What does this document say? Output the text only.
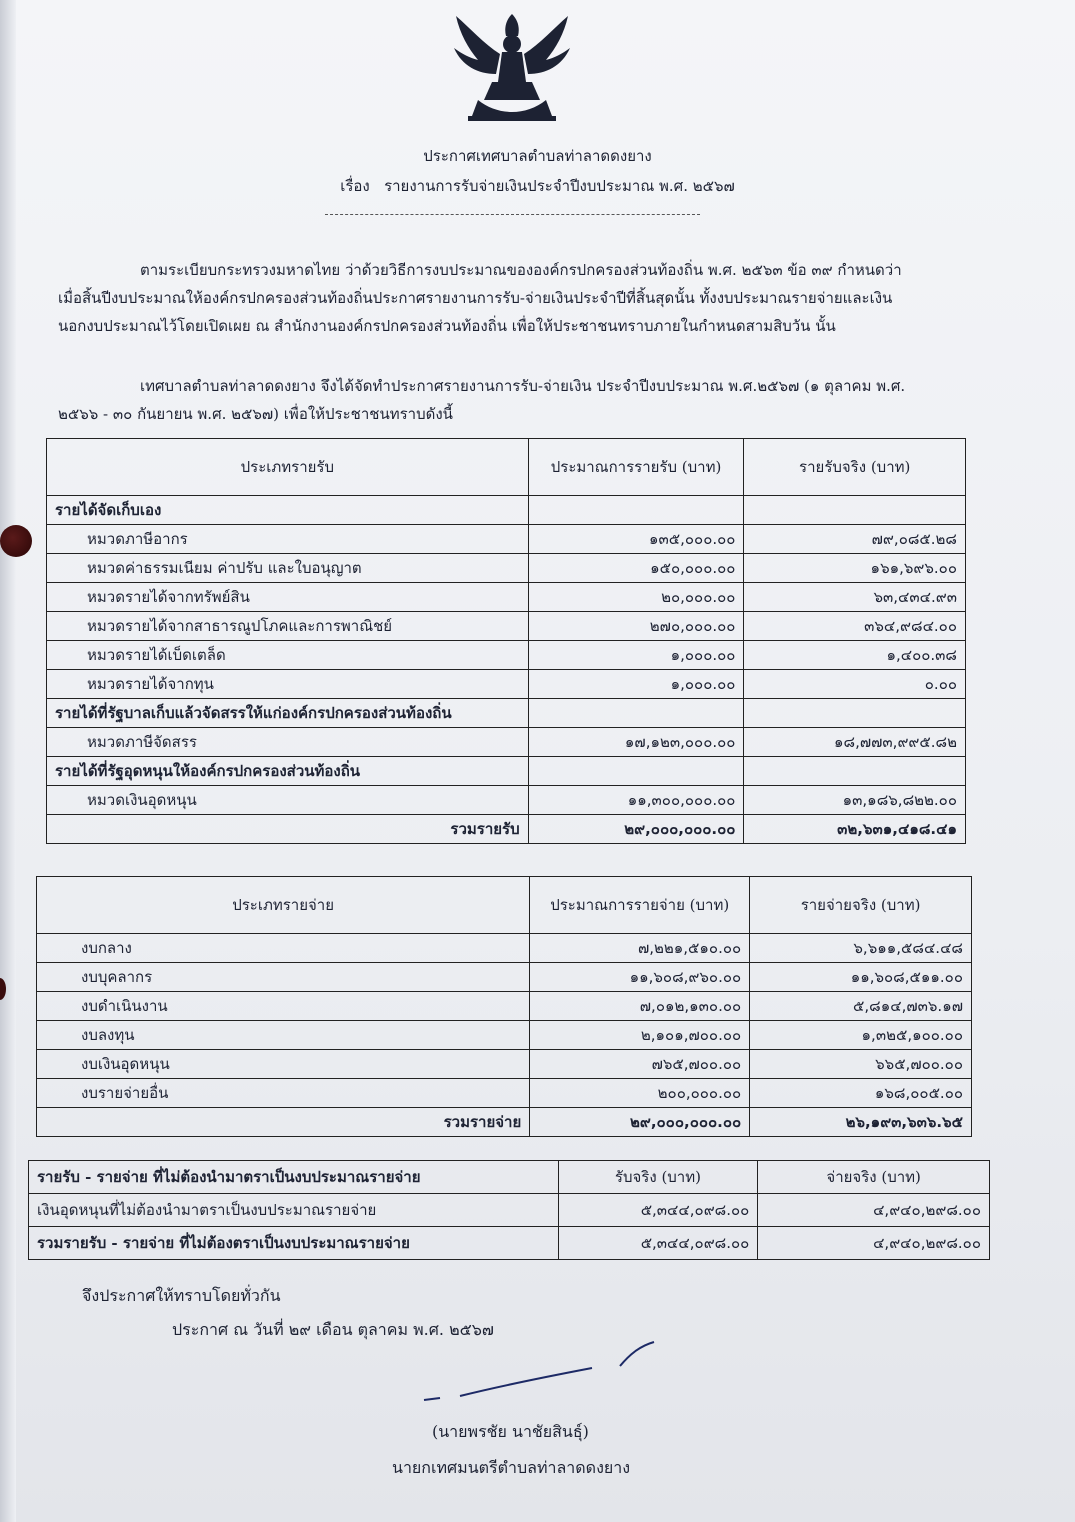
ประกาศเทศบาลตำบลท่าลาดดงยาง
เรื่อง รายงานการรับจ่ายเงินประจำปีงบประมาณ พ.ศ. ๒๕๖๗
ตามระเบียบกระทรวงมหาดไทย ว่าด้วยวิธีการงบประมาณขององค์กรปกครองส่วนท้องถิ่น พ.ศ. ๒๕๖๓ ข้อ ๓๙ กำหนดว่า
เมื่อสิ้นปีงบประมาณให้องค์กรปกครองส่วนท้องถิ่นประกาศรายงานการรับ-จ่ายเงินประจำปีที่สิ้นสุดนั้น ทั้งงบประมาณรายจ่ายและเงิน
นอกงบประมาณไว้โดยเปิดเผย ณ สำนักงานองค์กรปกครองส่วนท้องถิ่น เพื่อให้ประชาชนทราบภายในกำหนดสามสิบวัน นั้น
เทศบาลตำบลท่าลาดดงยาง จึงได้จัดทำประกาศรายงานการรับ-จ่ายเงิน ประจำปีงบประมาณ พ.ศ.๒๕๖๗ (๑ ตุลาคม พ.ศ.
๒๕๖๖ - ๓๐ กันยายน พ.ศ. ๒๕๖๗) เพื่อให้ประชาชนทราบดังนี้
ประเภทรายรับ	ประมาณการรายรับ (บาท)	รายรับจริง (บาท)
รายได้จัดเก็บเอง		
หมวดภาษีอากร	๑๓๕,๐๐๐.๐๐	๗๙,๐๘๕.๒๘
หมวดค่าธรรมเนียม ค่าปรับ และใบอนุญาต	๑๕๐,๐๐๐.๐๐	๑๖๑,๖๙๖.๐๐
หมวดรายได้จากทรัพย์สิน	๒๐,๐๐๐.๐๐	๖๓,๔๓๔.๙๓
หมวดรายได้จากสาธารณูปโภคและการพาณิชย์	๒๗๐,๐๐๐.๐๐	๓๖๔,๙๘๔.๐๐
หมวดรายได้เบ็ดเตล็ด	๑,๐๐๐.๐๐	๑,๔๐๐.๓๘
หมวดรายได้จากทุน	๑,๐๐๐.๐๐	๐.๐๐
รายได้ที่รัฐบาลเก็บแล้วจัดสรรให้แก่องค์กรปกครองส่วนท้องถิ่น		
หมวดภาษีจัดสรร	๑๗,๑๒๓,๐๐๐.๐๐	๑๘,๗๗๓,๙๙๕.๘๒
รายได้ที่รัฐอุดหนุนให้องค์กรปกครองส่วนท้องถิ่น		
หมวดเงินอุดหนุน	๑๑,๓๐๐,๐๐๐.๐๐	๑๓,๑๘๖,๘๒๒.๐๐
รวมรายรับ	๒๙,๐๐๐,๐๐๐.๐๐	๓๒,๖๓๑,๔๑๘.๔๑
ประเภทรายจ่าย	ประมาณการรายจ่าย (บาท)	รายจ่ายจริง (บาท)
งบกลาง	๗,๒๒๑,๕๑๐.๐๐	๖,๖๑๑,๕๘๔.๔๘
งบบุคลากร	๑๑,๖๐๘,๙๖๐.๐๐	๑๑,๖๐๘,๕๑๑.๐๐
งบดำเนินงาน	๗,๐๑๒,๑๓๐.๐๐	๕,๘๑๔,๗๓๖.๑๗
งบลงทุน	๒,๑๐๑,๗๐๐.๐๐	๑,๓๒๕,๑๐๐.๐๐
งบเงินอุดหนุน	๗๖๕,๗๐๐.๐๐	๖๖๕,๗๐๐.๐๐
งบรายจ่ายอื่น	๒๐๐,๐๐๐.๐๐	๑๖๘,๐๐๕.๐๐
รวมรายจ่าย	๒๙,๐๐๐,๐๐๐.๐๐	๒๖,๑๙๓,๖๓๖.๖๕
รายรับ - รายจ่าย ที่ไม่ต้องนำมาตราเป็นงบประมาณรายจ่าย	รับจริง (บาท)	จ่ายจริง (บาท)
เงินอุดหนุนที่ไม่ต้องนำมาตราเป็นงบประมาณรายจ่าย	๕,๓๔๔,๐๙๘.๐๐	๔,๙๔๐,๒๙๘.๐๐
รวมรายรับ - รายจ่าย ที่ไม่ต้องตราเป็นงบประมาณรายจ่าย	๕,๓๔๔,๐๙๘.๐๐	๔,๙๔๐,๒๙๘.๐๐
จึงประกาศให้ทราบโดยทั่วกัน
ประกาศ ณ วันที่ ๒๙ เดือน ตุลาคม พ.ศ. ๒๕๖๗
(นายพรชัย นาชัยสินธุ์)
นายกเทศมนตรีตำบลท่าลาดดงยาง
